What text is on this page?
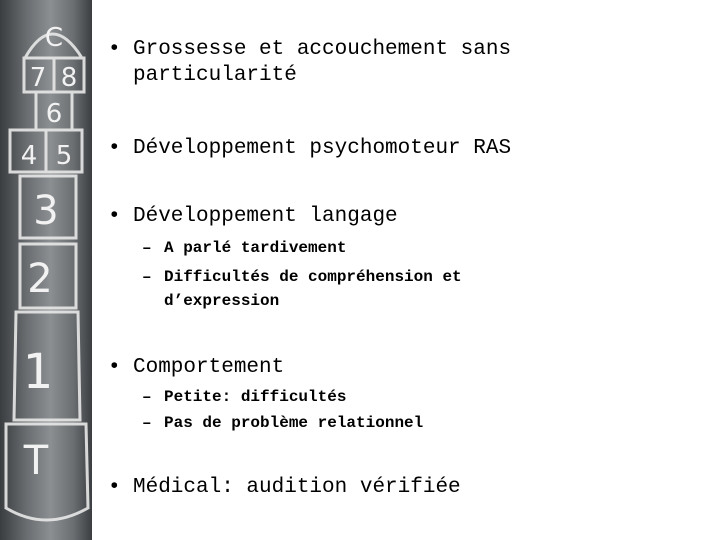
C
7 8
6
4 5
3
2
1
T
• Grossesse et accouchement sans
particularité
• Développement psychomoteur RAS
• Développement langage
– A parlé tardivement
– Difficultés de compréhension et
d’expression
• Comportement
– Petite: difficultés
– Pas de problème relationnel
• Médical: audition vérifiée
